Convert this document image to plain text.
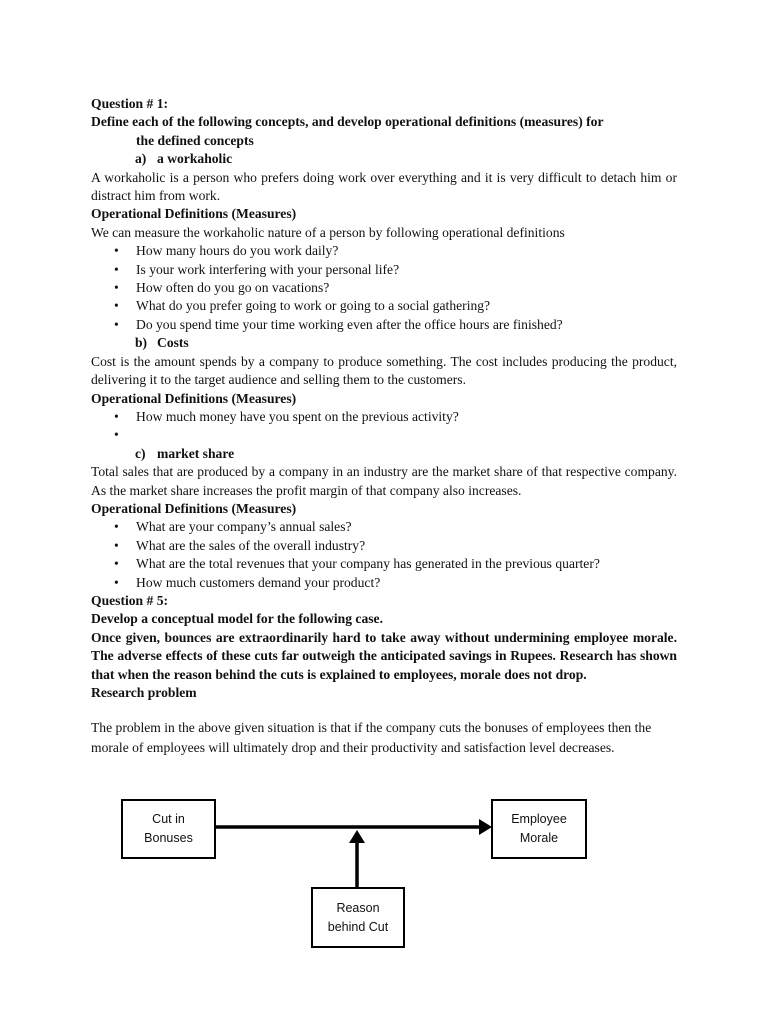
Question # 1:
Define each of the following concepts, and develop operational definitions (measures) for
the defined concepts
a) a workaholic
A workaholic is a person who prefers doing work over everything and it is very difficult to detach him or distract him from work.
Operational Definitions (Measures)
We can measure the workaholic nature of a person by following operational definitions
• How many hours do you work daily?
• Is your work interfering with your personal life?
• How often do you go on vacations?
• What do you prefer going to work or going to a social gathering?
• Do you spend time your time working even after the office hours are finished?
b) Costs
Cost is the amount spends by a company to produce something. The cost includes producing the product, delivering it to the target audience and selling them to the customers.
Operational Definitions (Measures)
• How much money have you spent on the previous activity?
•
c) market share
Total sales that are produced by a company in an industry are the market share of that respective company. As the market share increases the profit margin of that company also increases.
Operational Definitions (Measures)
• What are your company’s annual sales?
• What are the sales of the overall industry?
• What are the total revenues that your company has generated in the previous quarter?
• How much customers demand your product?
Question # 5:
Develop a conceptual model for the following case.
Once given, bounces are extraordinarily hard to take away without undermining employee morale. The adverse effects of these cuts far outweigh the anticipated savings in Rupees. Research has shown that when the reason behind the cuts is explained to employees, morale does not drop.
Research problem
The problem in the above given situation is that if the company cuts the bonuses of employees then the morale of employees will ultimately drop and their productivity and satisfaction level decreases.
Cut in
Bonuses
Employee
Morale
Reason
behind Cut
